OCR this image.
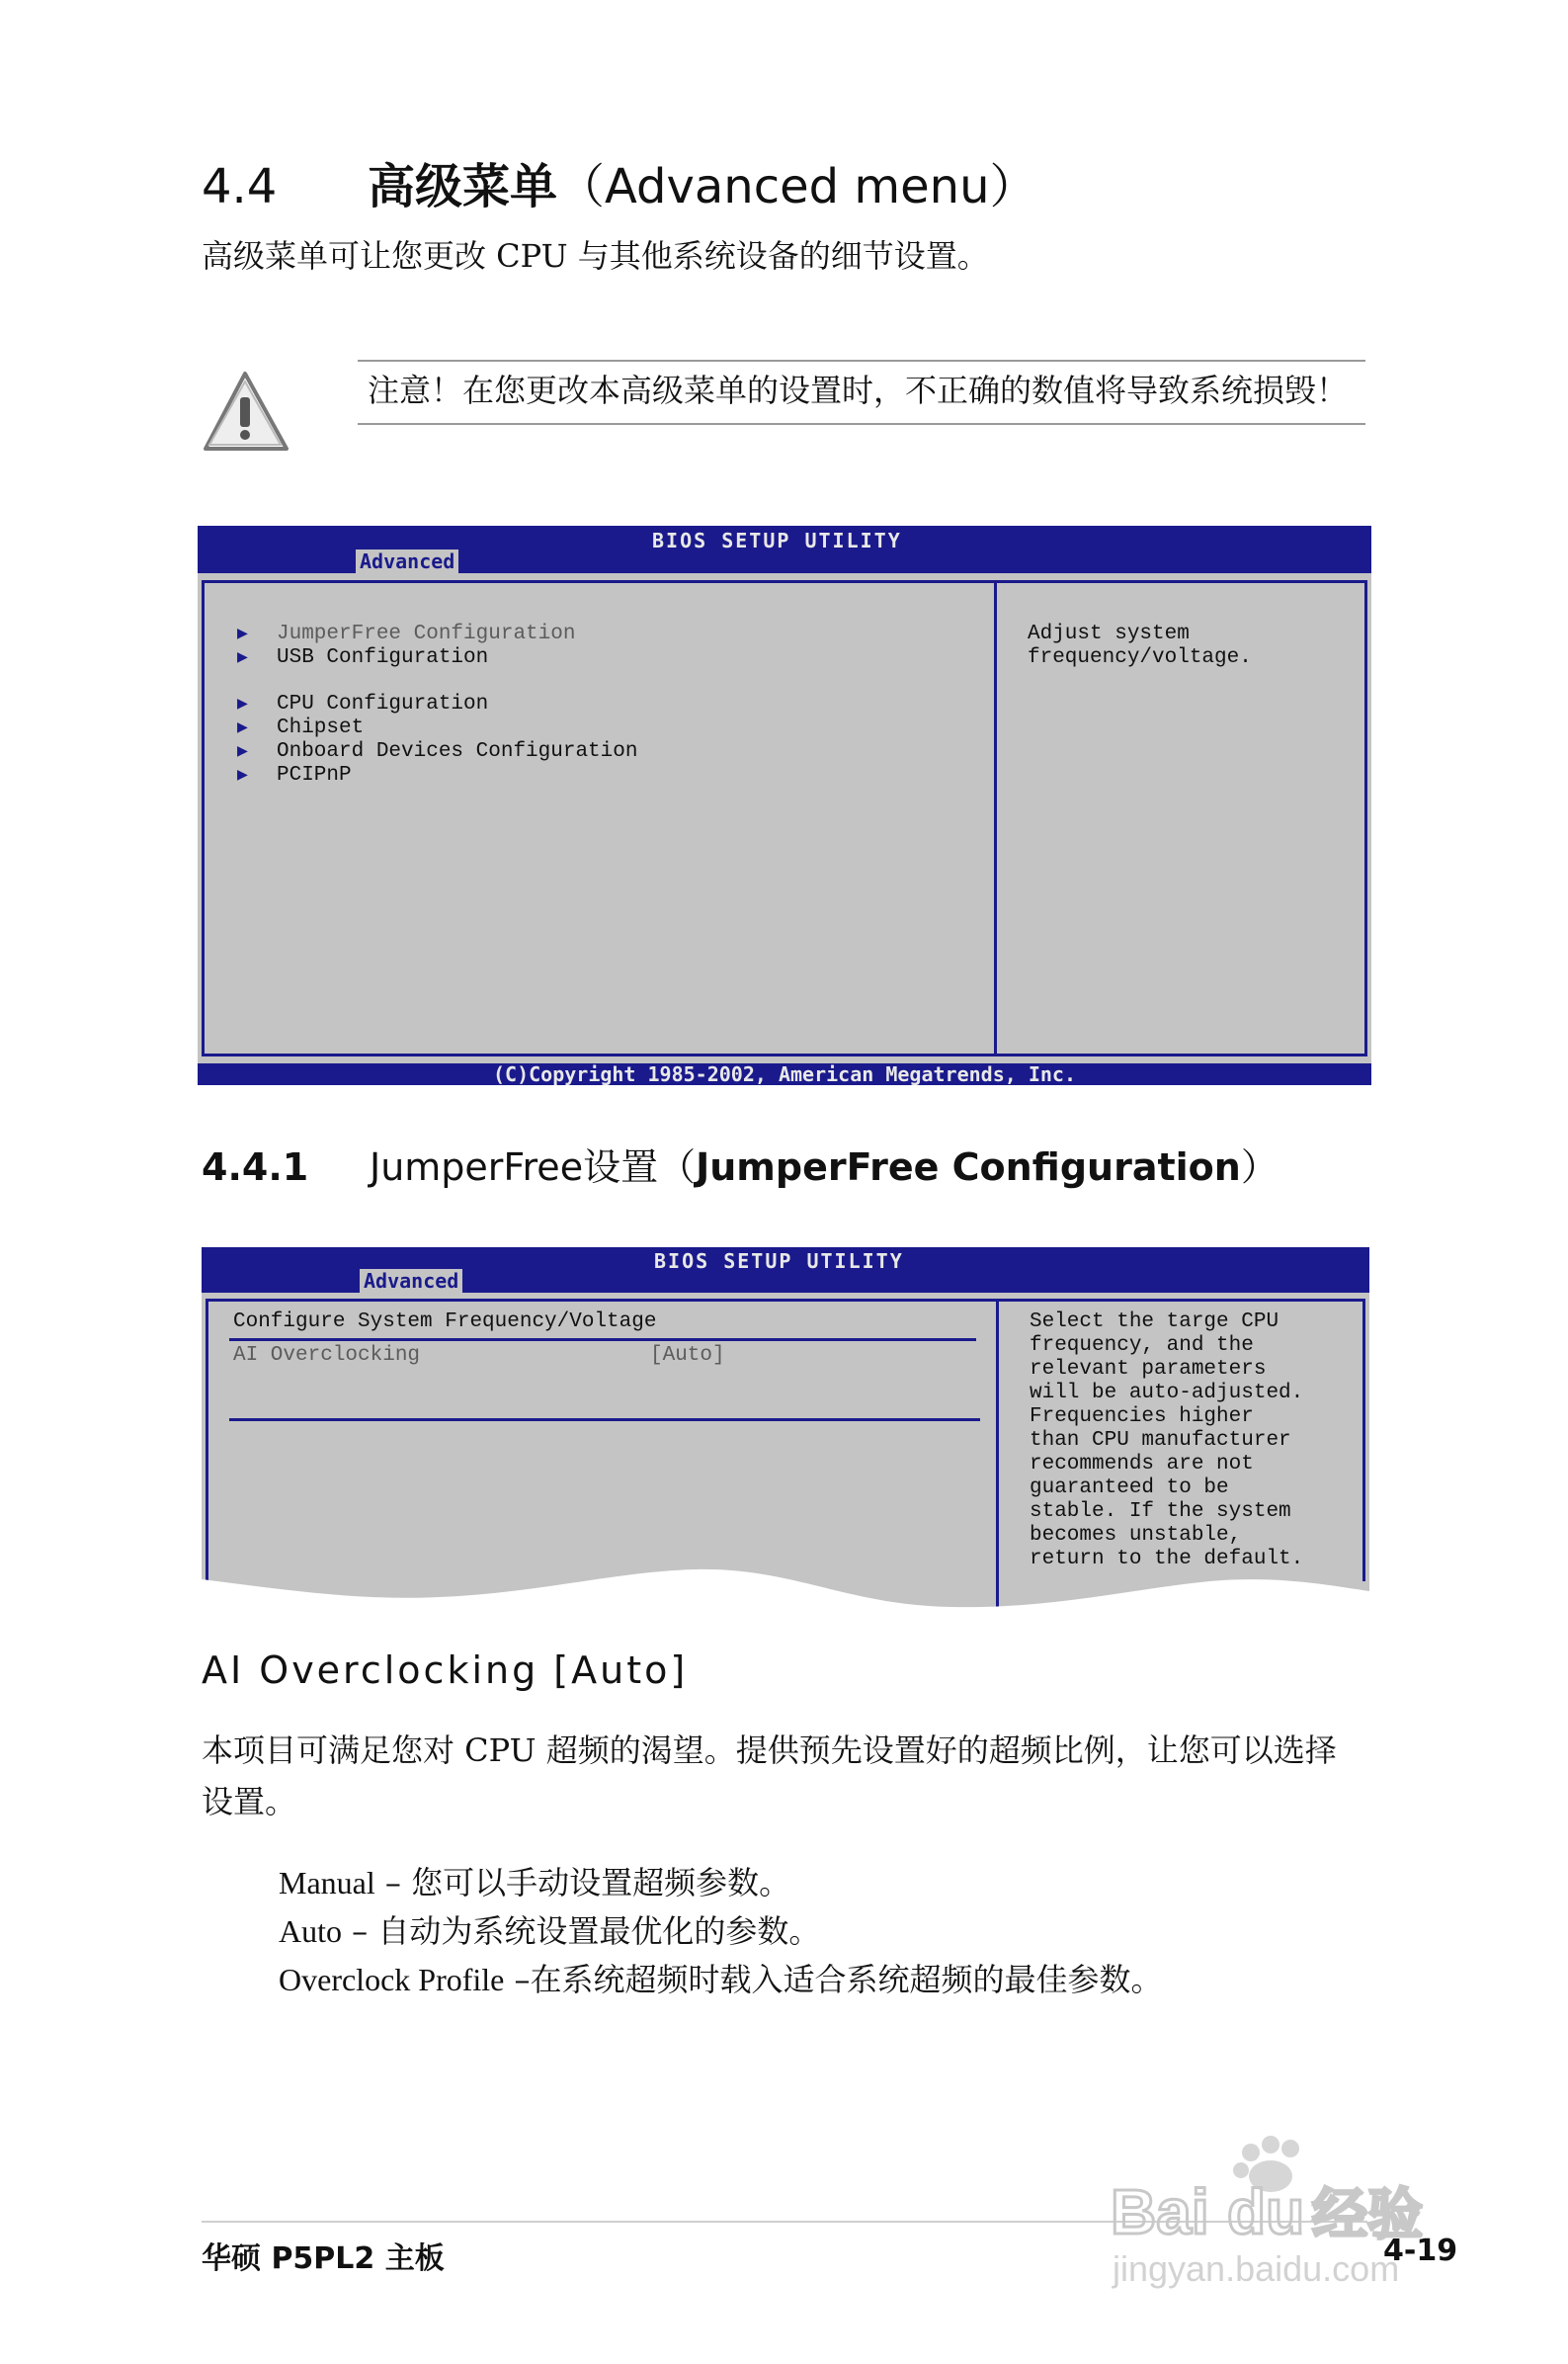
4.4 高级菜单（Advanced menu）
高级菜单可让您更改 CPU 与其他系统设备的细节设置。
注意！在您更改本高级菜单的设置时，不正确的数值将导致系统损毁！
BIOS SETUP UTILITY
Advanced
▶ JumperFree Configuration
▶ USB Configuration
▶ CPU Configuration
▶ Chipset
▶ Onboard Devices Configuration
▶ PCIPnP
Adjust system
frequency/voltage.
(C)Copyright 1985-2002, American Megatrends, Inc.
4.4.1 JumperFree设置（JumperFree Configuration）
BIOS SETUP UTILITY
Advanced
Configure System Frequency/Voltage
AI Overclocking	[Auto]
Select the targe CPU
frequency, and the
relevant parameters
will be auto-adjusted.
Frequencies higher
than CPU manufacturer
recommends are not
guaranteed to be
stable. If the system
becomes unstable,
return to the default.
AI Overclocking [Auto]
本项目可满足您对 CPU 超频的渴望。提供预先设置好的超频比例，让您可以选择设置。
Manual – 您可以手动设置超频参数。
Auto – 自动为系统设置最优化的参数。
Overclock Profile –在系统超频时载入适合系统超频的最佳参数。
华硕 P5PL2 主板	4-19
Bai du 经验
jingyan.baidu.com
